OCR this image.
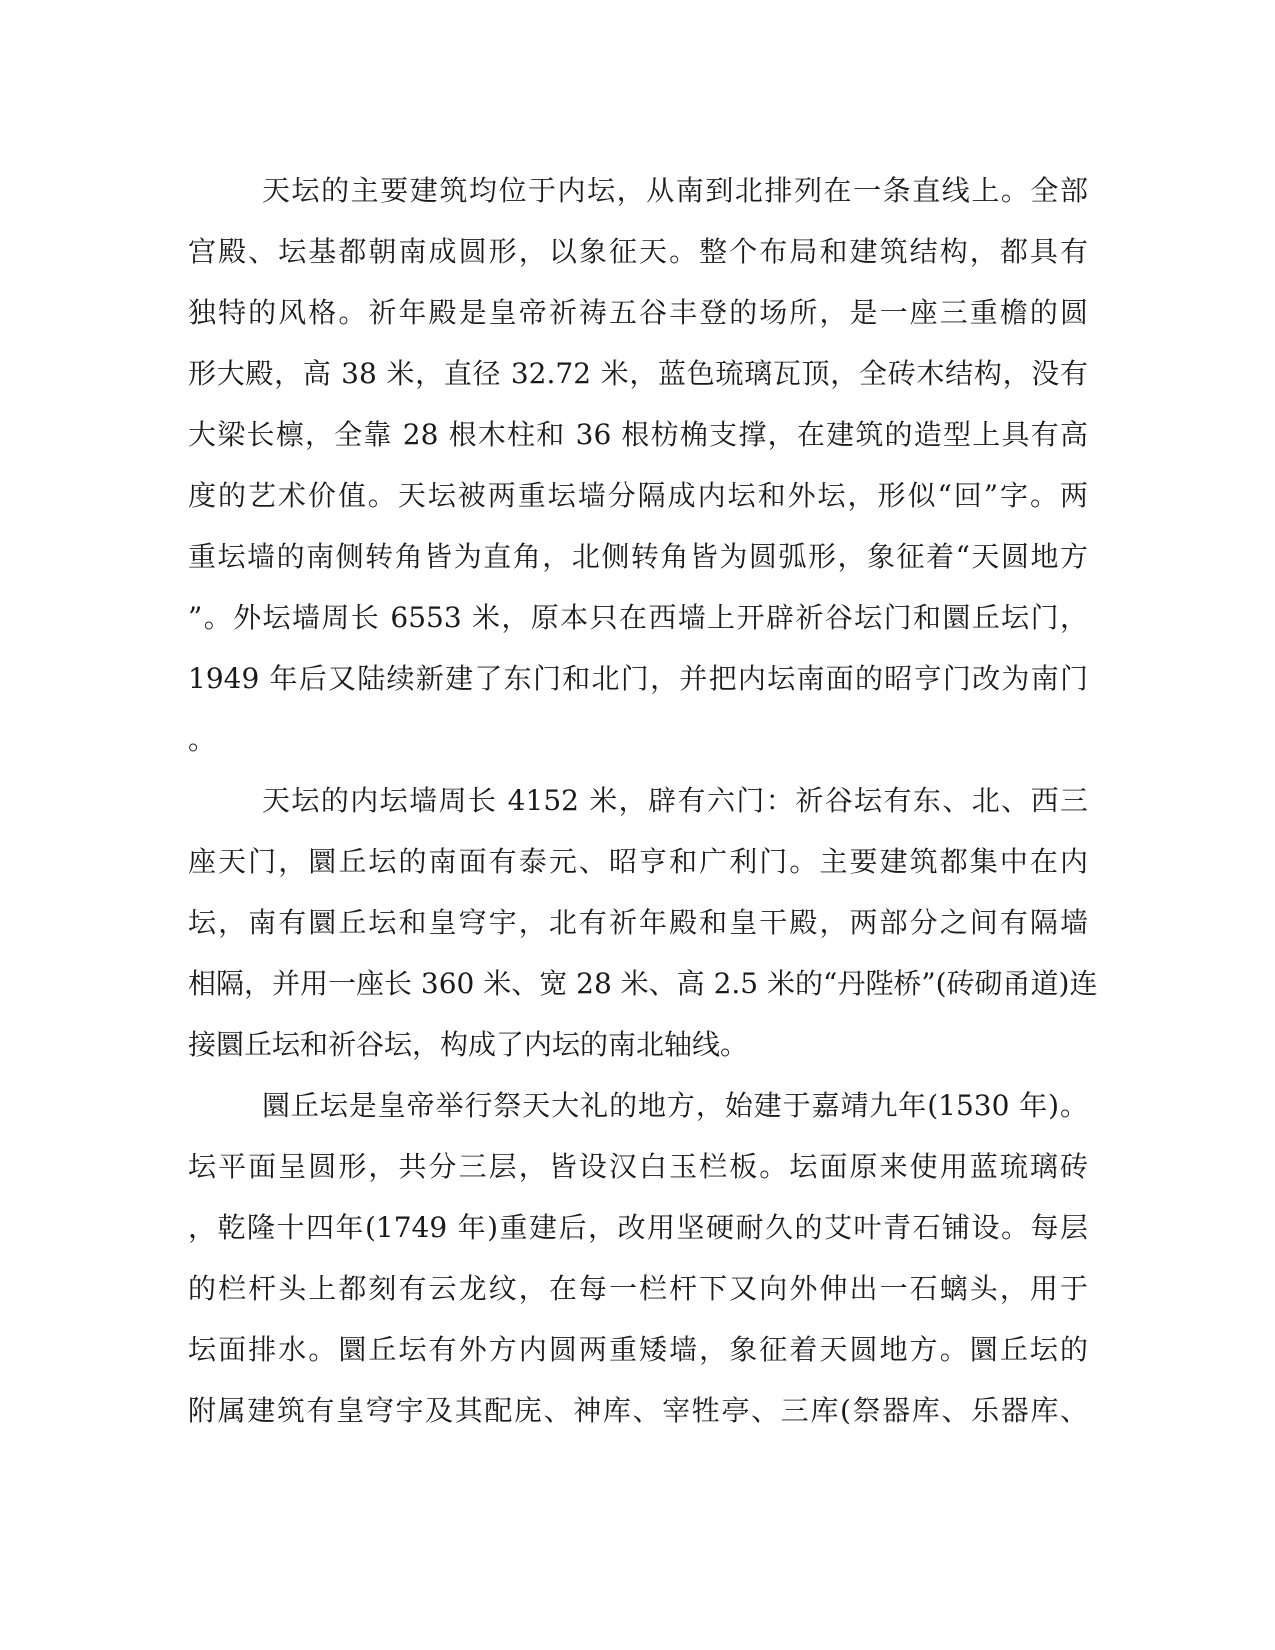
天坛的主要建筑均位于内坛，从南到北排列在一条直线上。全部
宫殿、坛基都朝南成圆形，以象征天。整个布局和建筑结构，都具有
独特的风格。祈年殿是皇帝祈祷五谷丰登的场所，是一座三重檐的圆
形大殿，高 38 米，直径 32.72 米，蓝色琉璃瓦顶，全砖木结构，没有
大梁长檩，全靠 28 根木柱和 36 根枋桷支撑，在建筑的造型上具有高
度的艺术价值。天坛被两重坛墙分隔成内坛和外坛，形似“回”字。两
重坛墙的南侧转角皆为直角，北侧转角皆为圆弧形，象征着“天圆地方
”。外坛墙周长 6553 米，原本只在西墙上开辟祈谷坛门和圜丘坛门，
1949 年后又陆续新建了东门和北门，并把内坛南面的昭亨门改为南门
。
天坛的内坛墙周长 4152 米，辟有六门：祈谷坛有东、北、西三
座天门，圜丘坛的南面有泰元、昭亨和广利门。主要建筑都集中在内
坛，南有圜丘坛和皇穹宇，北有祈年殿和皇干殿，两部分之间有隔墙
相隔，并用一座长 360 米、宽 28 米、高 2.5 米的“丹陛桥”(砖砌甬道)连
接圜丘坛和祈谷坛，构成了内坛的南北轴线。
圜丘坛是皇帝举行祭天大礼的地方，始建于嘉靖九年(1530 年)。
坛平面呈圆形，共分三层，皆设汉白玉栏板。坛面原来使用蓝琉璃砖
，乾隆十四年(1749 年)重建后，改用坚硬耐久的艾叶青石铺设。每层
的栏杆头上都刻有云龙纹，在每一栏杆下又向外伸出一石螭头，用于
坛面排水。圜丘坛有外方内圆两重矮墙，象征着天圆地方。圜丘坛的
附属建筑有皇穹宇及其配庑、神库、宰牲亭、三库(祭器库、乐器库、
